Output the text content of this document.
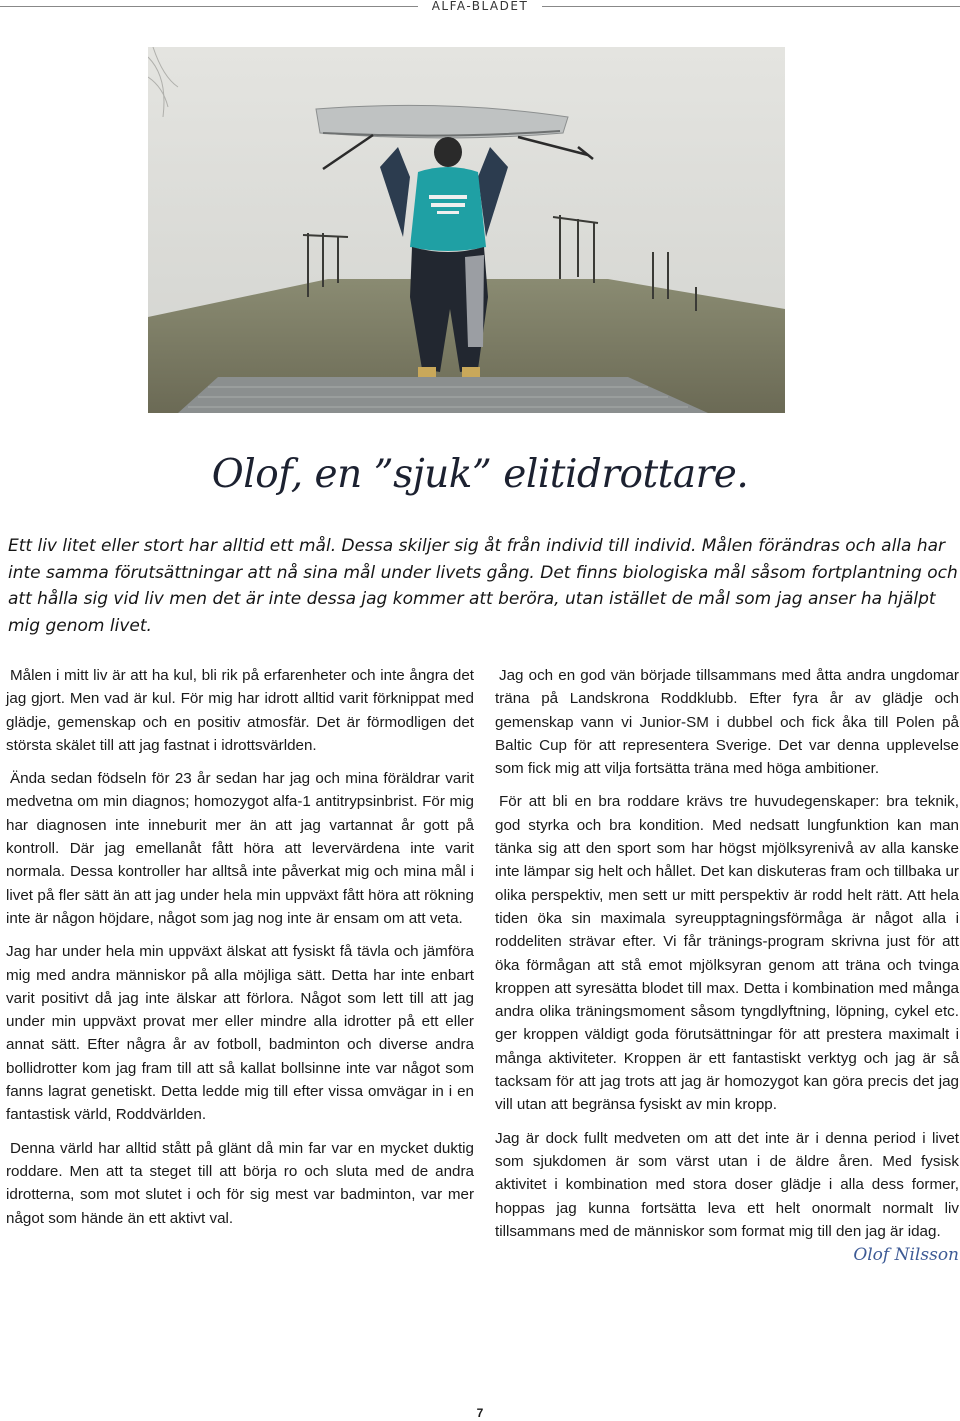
ALFA-BLADET
Olof, en ”sjuk” elitidrottare.

Ett liv litet eller stort har alltid ett mål. Dessa skiljer sig åt från individ till individ. Målen förändras och alla har inte samma förutsättningar att nå sina mål under livets gång. Det finns biologiska mål såsom fortplantning och att hålla sig vid liv men det är inte dessa jag kommer att beröra, utan istället de mål som jag anser ha hjälpt mig genom livet.

Målen i mitt liv är att ha kul, bli rik på erfarenheter och inte ångra det jag gjort. Men vad är kul. För mig har idrott alltid varit förknippat med glädje, gemenskap och en positiv atmosfär. Det är förmodligen det största skälet till att jag fastnat i idrottsvärlden.

Ända sedan födseln för 23 år sedan har jag och mina föräldrar varit medvetna om min diagnos; homozygot alfa-1 antitrypsinbrist. För mig har diagnosen inte inneburit mer än att jag vartannat år gott på kontroll. Där jag emellanåt fått höra att levervärdena inte varit normala. Dessa kontroller har alltså inte påverkat mig och mina mål i livet på fler sätt än att jag under hela min uppväxt fått höra att rökning inte är någon höjdare, något som jag nog inte är ensam om att veta.

Jag har under hela min uppväxt älskat att fysiskt få tävla och jämföra mig med andra människor på alla möjliga sätt. Detta har inte enbart varit positivt då jag inte älskar att förlora. Något som lett till att jag under min uppväxt provat mer eller mindre alla idrotter på ett eller annat sätt. Efter några år av fotboll, badminton och diverse andra bollidrotter kom jag fram till att så kallat bollsinne inte var något som fanns lagrat genetiskt. Detta ledde mig till efter vissa omvägar in i en fantastisk värld, Roddvärlden.

Denna värld har alltid stått på glänt då min far var en mycket duktig roddare. Men att ta steget till att börja ro och sluta med de andra idrotterna, som mot slutet i och för sig mest var badminton, var mer något som hände än ett aktivt val.

Jag och en god vän började tillsammans med åtta andra ungdomar träna på Landskrona Roddklubb. Efter fyra år av glädje och gemenskap vann vi Junior-SM i dubbel och fick åka till Polen på Baltic Cup för att representera Sverige. Det var denna upplevelse som fick mig att vilja fortsätta träna med höga ambitioner.

För att bli en bra roddare krävs tre huvudegenskaper: bra teknik, god styrka och bra kondition. Med nedsatt lungfunktion kan man tänka sig att den sport som har högst mjölksyrenivå av alla kanske inte lämpar sig helt och hållet. Det kan diskuteras fram och tillbaka ur olika perspektiv, men sett ur mitt perspektiv är rodd helt rätt. Att hela tiden öka sin maximala syreupptagningsförmåga är något alla i roddeliten strävar efter. Vi får tränings-program skrivna just för att öka förmågan att stå emot mjölksyran genom att träna och tvinga kroppen att syresätta blodet till max. Detta i kombination med många andra olika träningsmoment såsom tyngdlyftning, löpning, cykel etc. ger kroppen väldigt goda förutsättningar för att prestera maximalt i många aktiviteter. Kroppen är ett fantastiskt verktyg och jag är så tacksam för att jag trots att jag är homozygot kan göra precis det jag vill utan att begränsa fysiskt av min kropp.

Jag är dock fullt medveten om att det inte är i denna period i livet som sjukdomen är som värst utan i de äldre åren. Med fysisk aktivitet i kombination med stora doser glädje i alla dess former, hoppas jag kunna fortsätta leva ett helt onormalt normalt liv tillsammans med de människor som format mig till den jag är idag.
Olof Nilsson

7
